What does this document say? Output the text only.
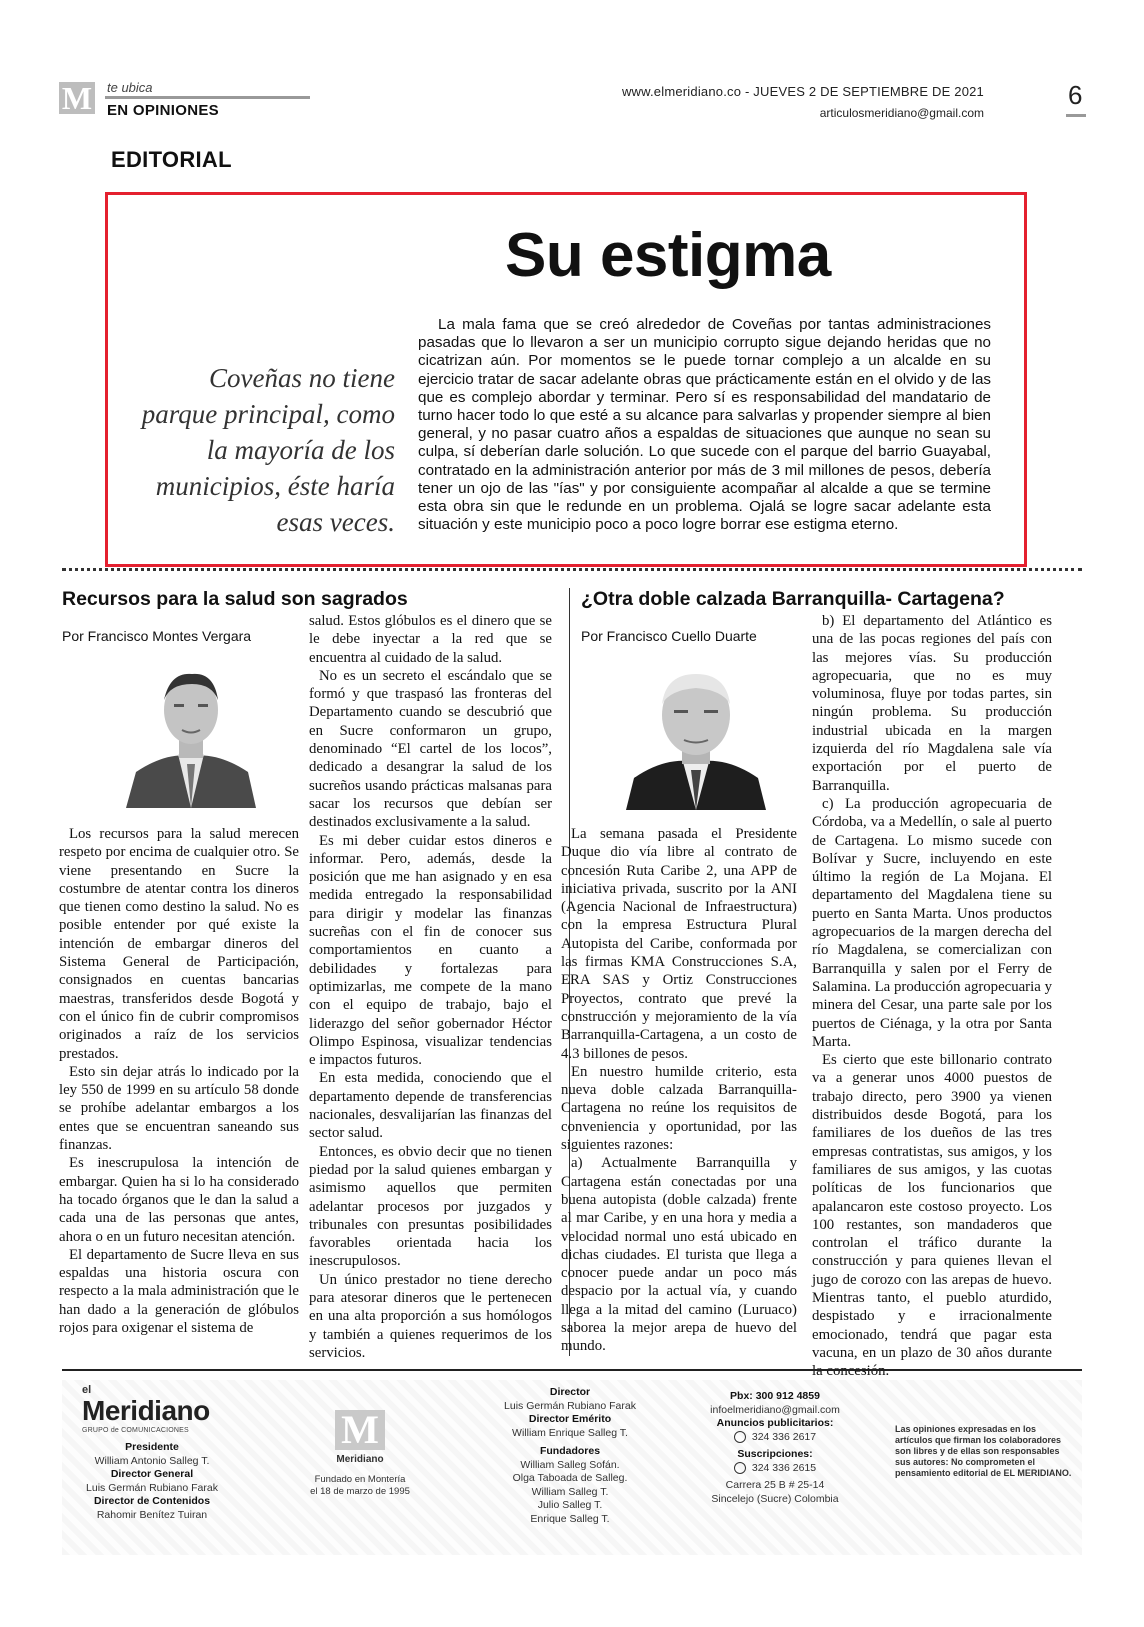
M te ubica
EN OPINIONES
www.elmeridiano.co - JUEVES 2 DE SEPTIEMBRE DE 2021
articulosmeridiano@gmail.com
6
EDITORIAL
Su estigma
Coveñas no tiene parque principal, como la mayoría de los municipios, éste haría esas veces.
La mala fama que se creó alrededor de Coveñas por tantas administraciones pasadas que lo llevaron a ser un municipio corrupto sigue dejando heridas que no cicatrizan aún. Por momentos se le puede tornar complejo a un alcalde en su ejercicio tratar de sacar adelante obras que prácticamente están en el olvido y de las que es complejo abordar y terminar. Pero sí es responsabilidad del mandatario de turno hacer todo lo que esté a su alcance para salvarlas y propender siempre al bien general, y no pasar cuatro años a espaldas de situaciones que aunque no sean su culpa, sí deberían darle solución. Lo que sucede con el parque del barrio Guayabal, contratado en la administración anterior por más de 3 mil millones de pesos, debería tener un ojo de las "ías" y por consiguiente acompañar al alcalde a que se termine esta obra sin que le redunde en un problema. Ojalá se logre sacar adelante esta situación y este municipio poco a poco logre borrar ese estigma eterno.
Recursos para la salud son sagrados
Por Francisco Montes Vergara

Los recursos para la salud merecen respeto por encima de cualquier otro. Se viene presentando en Sucre la costumbre de atentar contra los dineros que tienen como destino la salud. No es posible entender por qué existe la intención de embargar dineros del Sistema General de Participación, consignados en cuentas bancarias maestras, transferidos desde Bogotá y con el único fin de cubrir compromisos originados a raíz de los servicios prestados.

Esto sin dejar atrás lo indicado por la ley 550 de 1999 en su artículo 58 donde se prohíbe adelantar embargos a los entes que se encuentran saneando sus finanzas.

Es inescrupulosa la intención de embargar. Quien ha si lo ha considerado ha tocado órganos que le dan la salud a cada una de las personas que antes, ahora o en un futuro necesitan atención.

El departamento de Sucre lleva en sus espaldas una historia oscura con respecto a la mala administración que le han dado a la generación de glóbulos rojos para oxigenar el sistema de

salud. Estos glóbulos es el dinero que se le debe inyectar a la red que se encuentra al cuidado de la salud.

No es un secreto el escándalo que se formó y que traspasó las fronteras del Departamento cuando se descubrió que en Sucre conformaron un grupo, denominado “El cartel de los locos”, dedicado a desangrar la salud de los sucreños usando prácticas malsanas para sacar los recursos que debían ser destinados exclusivamente a la salud.

Es mi deber cuidar estos dineros e informar. Pero, además, desde la posición que me han asignado y en esa medida entregado la responsabilidad para dirigir y modelar las finanzas sucreñas con el fin de conocer sus comportamientos en cuanto a debilidades y fortalezas para optimizarlas, me compete de la mano con el equipo de trabajo, bajo el liderazgo del señor gobernador Héctor Olimpo Espinosa, visualizar tendencias e impactos futuros.

En esta medida, conociendo que el departamento depende de transferencias nacionales, desvalijarían las finanzas del sector salud.

Entonces, es obvio decir que no tienen piedad por la salud quienes embargan y asimismo aquellos que permiten adelantar procesos por juzgados y tribunales con presuntas posibilidades favorables orientada hacia los inescrupulosos.

Un único prestador no tiene derecho para atesorar dineros que le pertenecen en una alta proporción a sus homólogos y también a quienes requerimos de los servicios.

¿Otra doble calzada Barranquilla- Cartagena?
Por Francisco Cuello Duarte

La semana pasada el Presidente Duque dio vía libre al contrato de concesión Ruta Caribe 2, una APP de iniciativa privada, suscrito por la ANI (Agencia Nacional de Infraestructura) con la empresa Estructura Plural Autopista del Caribe, conformada por las firmas KMA Construcciones S.A, ERA SAS y Ortiz Construcciones Proyectos, contrato que prevé la construcción y mejoramiento de la vía Barranquilla-Cartagena, a un costo de 4.3 billones de pesos.

En nuestro humilde criterio, esta nueva doble calzada Barranquilla-Cartagena no reúne los requisitos de conveniencia y oportunidad, por las siguientes razones:

a) Actualmente Barranquilla y Cartagena están conectadas por una buena autopista (doble calzada) frente al mar Caribe, y en una hora y media a velocidad normal uno está ubicado en dichas ciudades. El turista que llega a conocer puede andar un poco más despacio por la actual vía, y cuando llega a la mitad del camino (Luruaco) saborea la mejor arepa de huevo del mundo.

b) El departamento del Atlántico es una de las pocas regiones del país con las mejores vías. Su producción agropecuaria, que no es muy voluminosa, fluye por todas partes, sin ningún problema. Su producción industrial ubicada en la margen izquierda del río Magdalena sale vía exportación por el puerto de Barranquilla.

c) La producción agropecuaria de Córdoba, va a Medellín, o sale al puerto de Cartagena. Lo mismo sucede con Bolívar y Sucre, incluyendo en este último la región de La Mojana. El departamento del Magdalena tiene su puerto en Santa Marta. Unos productos agropecuarios de la margen derecha del río Magdalena, se comercializan con Barranquilla y salen por el Ferry de Salamina. La producción agropecuaria y minera del Cesar, una parte sale por los puertos de Ciénaga, y la otra por Santa Marta.

Es cierto que este billonario contrato va a generar unos 4000 puestos de trabajo directo, pero 3900 ya vienen distribuidos desde Bogotá, para los familiares de los dueños de las tres empresas contratistas, sus amigos, y los familiares de sus amigos, y las cuotas políticas de los funcionarios que apalancaron este costoso proyecto. Los 100 restantes, son mandaderos que controlan el tráfico durante la construcción y para quienes llevan el jugo de corozo con las arepas de huevo. Mientras tanto, el pueblo aturdido, despistado y e irracionalmente emocionado, tendrá que pagar esta vacuna, en un plazo de 30 años durante la concesión.

el
Meridiano
GRUPO de COMUNICACIONES
Presidente
William Antonio Salleg T.
Director General
Luis Germán Rubiano Farak
Director de Contenidos
Rahomir Benítez Tuiran
M
Meridiano
Fundado en Montería
el 18 de marzo de 1995
Director
Luis Germán Rubiano Farak
Director Emérito
William Enrique Salleg T.
Fundadores
William Salleg Sofán.
Olga Taboada de Salleg.
William Salleg T.
Julio Salleg T.
Enrique Salleg T.
Pbx: 300 912 4859
infoelmeridiano@gmail.com
Anuncios publicitarios:
324 336 2617
Suscripciones:
324 336 2615
Carrera 25 B # 25-14
Sincelejo (Sucre) Colombia
Las opiniones expresadas en los artículos que firman los colaboradores son libres y de ellas son responsables sus autores: No comprometen el pensamiento editorial de EL MERIDIANO.
